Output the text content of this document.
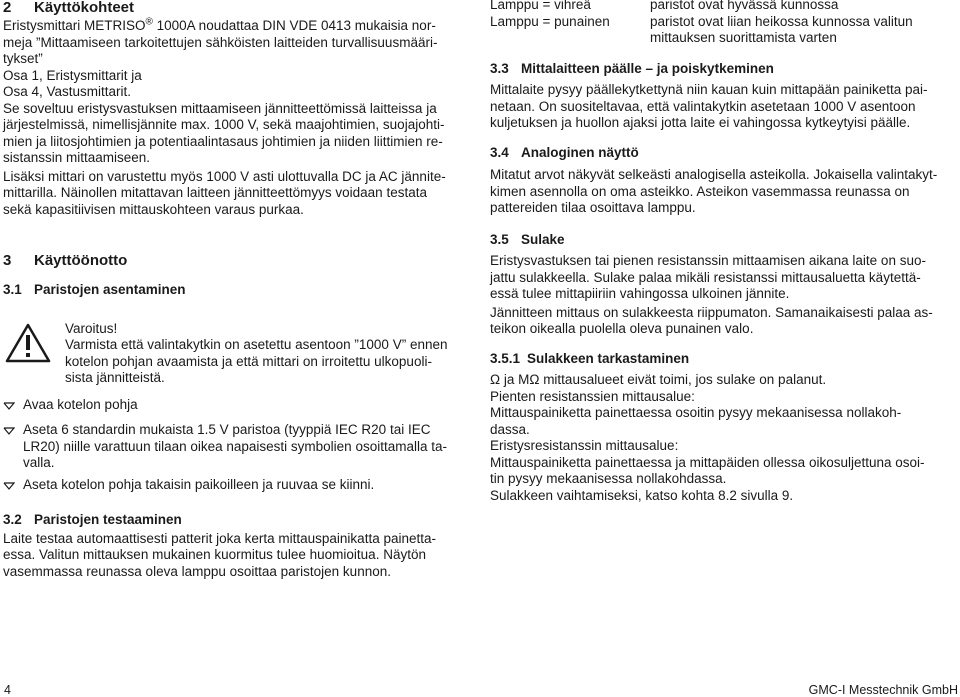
2 Käyttökohteet

Eristysmittari METRISO® 1000A noudattaa DIN VDE 0413 mukaisia nor-
meja ”Mittaamiseen tarkoitettujen sähköisten laitteiden turvallisuusmääri-
tykset”
Osa 1, Eristysmittarit ja
Osa 4, Vastusmittarit.

Se soveltuu eristysvastuksen mittaamiseen jännitteettömissä laitteissa ja
järjestelmissä, nimellisjännite max. 1000 V, sekä maajohtimien, suojajohti-
mien ja liitosjohtimien ja potentiaalintasaus johtimien ja niiden liittimien re-
sistanssin mittaamiseen.

Lisäksi mittari on varustettu myös 1000 V asti ulottuvalla DC ja AC jännite-
mittarilla. Näinollen mitattavan laitteen jännitteettömyys voidaan testata
sekä kapasitiivisen mittauskohteen varaus purkaa.

3 Käyttöönotto
3.1 Paristojen asentaminen

Varoitus!

Varmista että valintakytkin on asetettu asentoon ”1000 V” ennen
kotelon pohjan avaamista ja että mittari on irroitettu ulkopuoli-
sista jännitteistä.

Avaa kotelon pohja

Aseta 6 standardin mukaista 1.5 V paristoa (tyyppiä IEC R20 tai IEC
LR20) niille varattuun tilaan oikea napaisesti symbolien osoittamalla ta-
valla.

Aseta kotelon pohja takaisin paikoilleen ja ruuvaa se kiinni.

3.2 Paristojen testaaminen

Laite testaa automaattisesti patterit joka kerta mittauspainikatta painetta-
essa. Valitun mittauksen mukainen kuormitus tulee huomioitua. Näytön
vasemmassa reunassa oleva lamppu osoittaa paristojen kunnon.

Lamppu = vihreä	paristot ovat hyvässä kunnossa

Lamppu = punainen	paristot ovat liian heikossa kunnossa valitun
mittauksen suorittamista varten

3.3 Mittalaitteen päälle – ja poiskytkeminen

Mittalaite pysyy päällekytkettynä niin kauan kuin mittapään painiketta pai-
netaan. On suositeltavaa, että valintakytkin asetetaan 1000 V asentoon
kuljetuksen ja huollon ajaksi jotta laite ei vahingossa kytkeytyisi päälle.

3.4 Analoginen näyttö

Mitatut arvot näkyvät selkeästi analogisella asteikolla. Jokaisella valintakyt-
kimen asennolla on oma asteikko. Asteikon vasemmassa reunassa on
pattereiden tilaa osoittava lamppu.

3.5 Sulake

Eristysvastuksen tai pienen resistanssin mittaamisen aikana laite on suo-
jattu sulakkeella. Sulake palaa mikäli resistanssi mittausaluetta käytettä-
essä tulee mittapiiriin vahingossa ulkoinen jännite.

Jännitteen mittaus on sulakkeesta riippumaton. Samanaikaisesti palaa as-
teikon oikealla puolella oleva punainen valo.

3.5.1 Sulakkeen tarkastaminen

Ω ja MΩ mittausalueet eivät toimi, jos sulake on palanut.
Pienten resistanssien mittausalue:
Mittauspainiketta painettaessa osoitin pysyy mekaanisessa nollakoh-
dassa.
Eristysresistanssin mittausalue:
Mittauspainiketta painettaessa ja mittapäiden ollessa oikosuljettuna osoi-
tin pysyy mekaanisessa nollakohdassa.
Sulakkeen vaihtamiseksi, katso kohta 8.2 sivulla 9.

4	GMC-I Messtechnik GmbH
